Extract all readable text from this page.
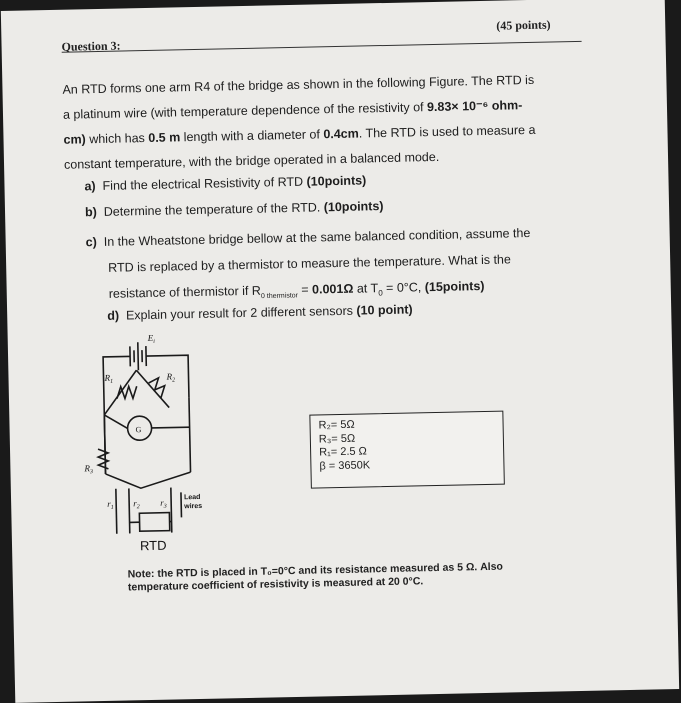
Question 3:
(45 points)
An RTD forms one arm R4 of the bridge as shown in the following Figure. The RTD is
a platinum wire (with temperature dependence of the resistivity of 9.83× 10⁻⁶ ohm-
cm) which has 0.5 m length with a diameter of 0.4cm. The RTD is used to measure a
constant temperature, with the bridge operated in a balanced mode.
a) Find the electrical Resistivity of RTD (10points)
b) Determine the temperature of the RTD. (10points)
c) In the Wheatstone bridge bellow at the same balanced condition, assume the
RTD is replaced by a thermistor to measure the temperature. What is the
resistance of thermistor if $R_{0 thermistor} = 0.001\Omega$ at $T_0 = 0^\circ C$, (15points)
d) Explain your result for 2 different sensors (10 point)
$E_i$
$R_1$
$R_2$
$R_3$
G
$r_1$ $r_2$ $r_3$
Lead
wires
RTD
R₂= 5Ω
R₃= 5Ω
R₁= 2.5 Ω
β = 3650K
Note: the RTD is placed in T₀=0°C and its resistance measured as 5 Ω. Also
temperature coefficient of resistivity is measured at 20 0°C.
